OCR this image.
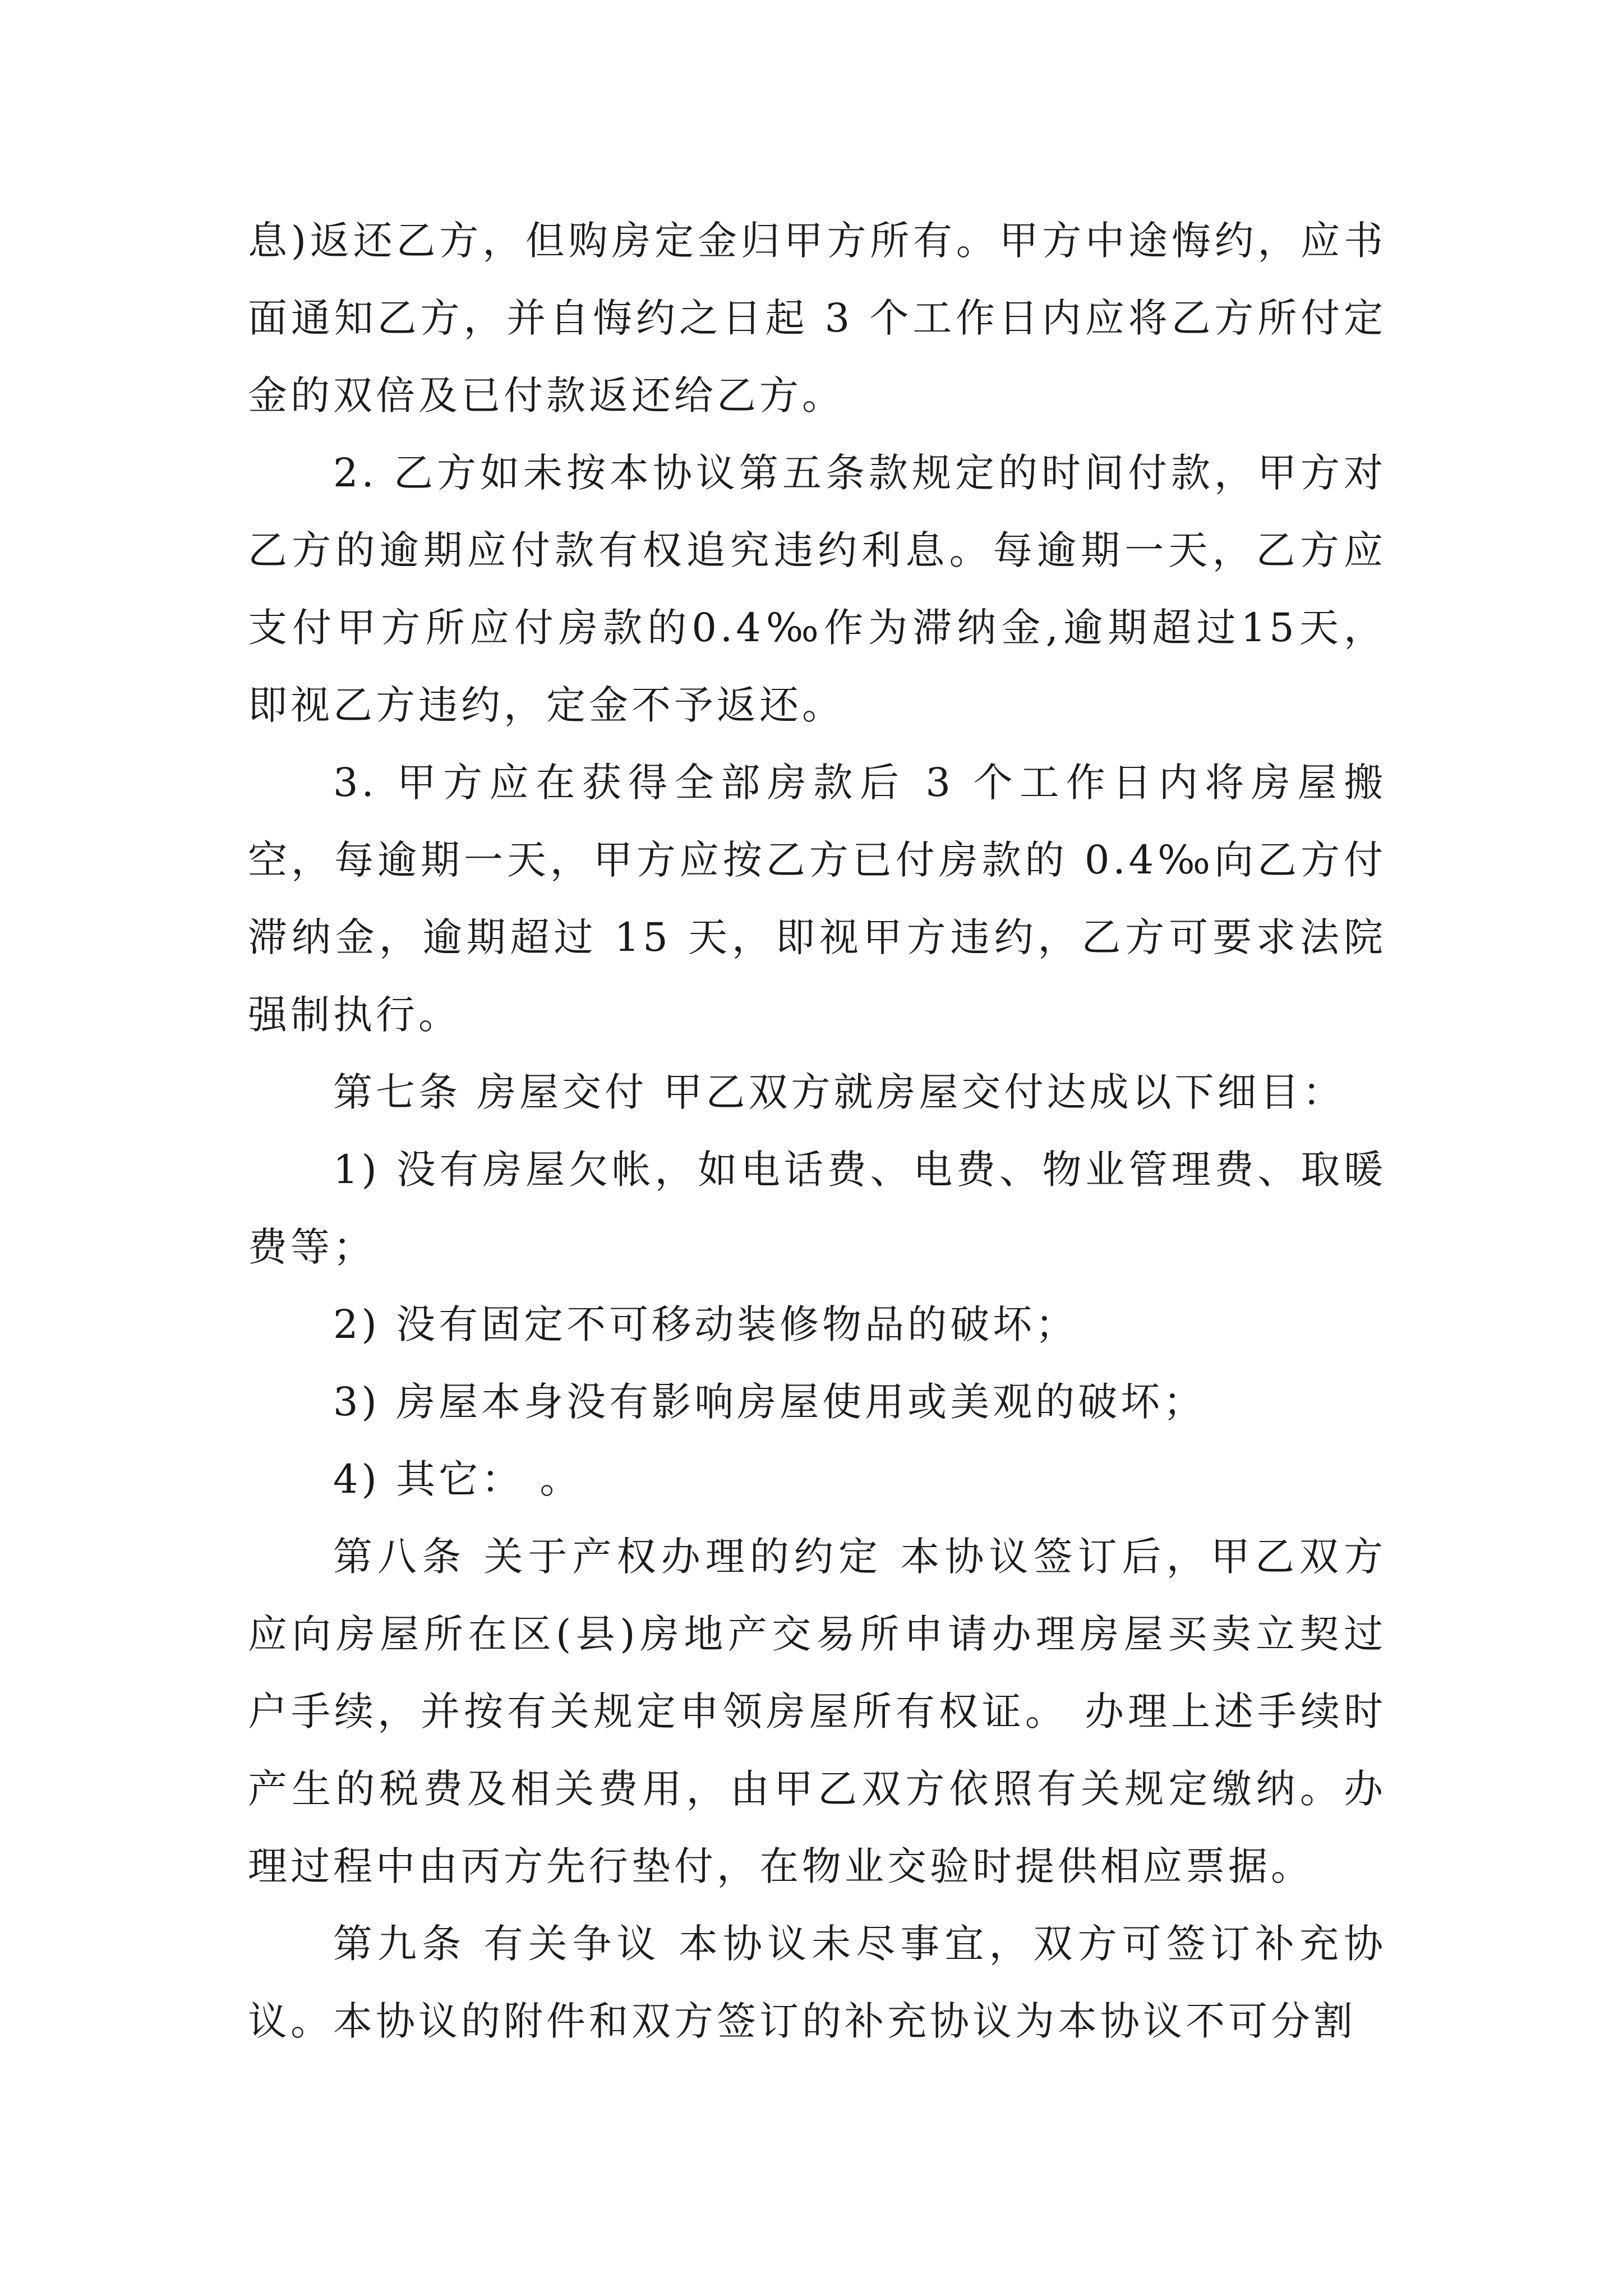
息)返还乙方，但购房定金归甲方所有。甲方中途悔约，应书面通知乙方，并自悔约之日起 3 个工作日内应将乙方所付定金的双倍及已付款返还给乙方。

2. 乙方如未按本协议第五条款规定的时间付款，甲方对乙方的逾期应付款有权追究违约利息。每逾期一天，乙方应支付甲方所应付房款的0.4‰作为滞纳金,逾期超过15天，即视乙方违约，定金不予返还。

3. 甲方应在获得全部房款后 3 个工作日内将房屋搬空，每逾期一天，甲方应按乙方已付房款的 0.4‰向乙方付滞纳金，逾期超过 15 天，即视甲方违约，乙方可要求法院强制执行。

第七条 房屋交付 甲乙双方就房屋交付达成以下细目：

1) 没有房屋欠帐，如电话费、电费、物业管理费、取暖费等；

2) 没有固定不可移动装修物品的破坏；

3) 房屋本身没有影响房屋使用或美观的破坏；

4) 其它： 。

第八条 关于产权办理的约定 本协议签订后，甲乙双方应向房屋所在区(县)房地产交易所申请办理房屋买卖立契过户手续，并按有关规定申领房屋所有权证。 办理上述手续时产生的税费及相关费用，由甲乙双方依照有关规定缴纳。办理过程中由丙方先行垫付，在物业交验时提供相应票据。

第九条 有关争议 本协议未尽事宜，双方可签订补充协议。本协议的附件和双方签订的补充协议为本协议不可分割
